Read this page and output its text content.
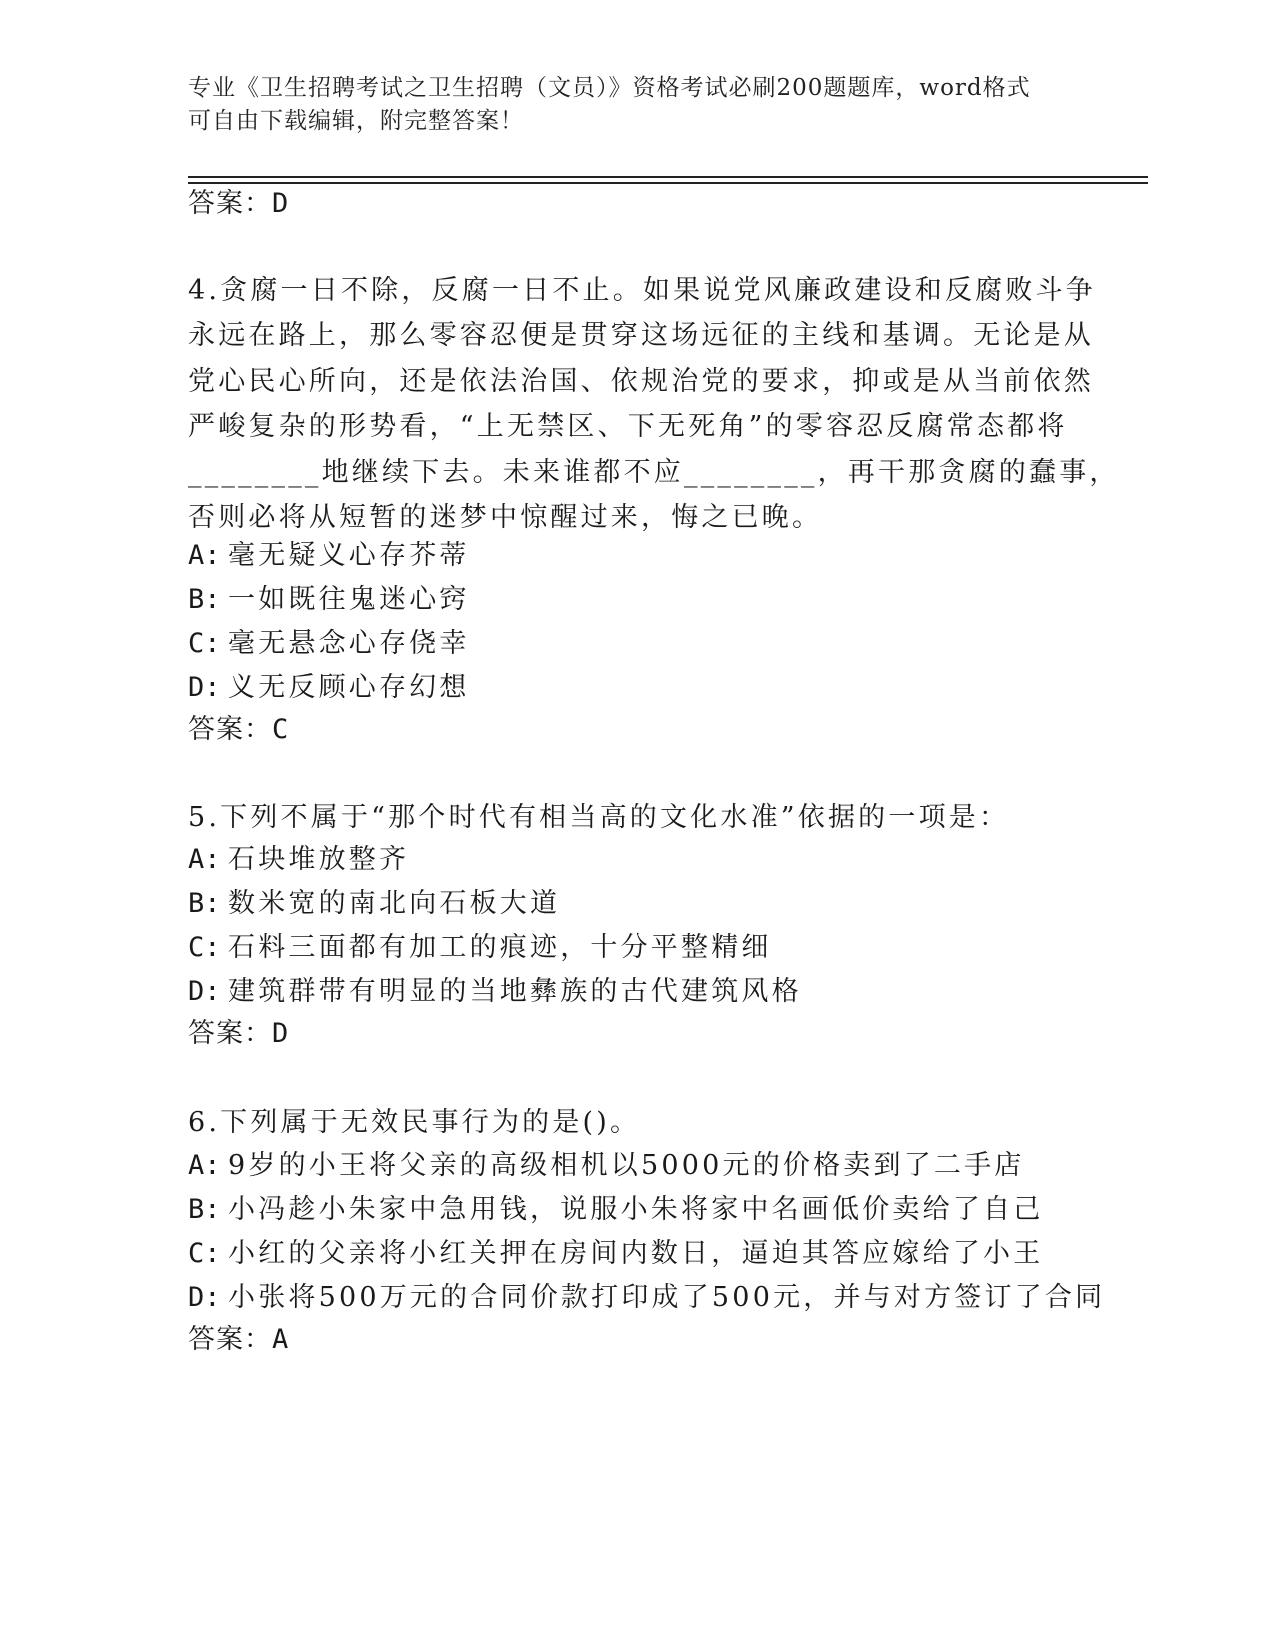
专业《卫生招聘考试之卫生招聘（文员）》资格考试必刷200题题库，word格式
可自由下载编辑，附完整答案！
答案：D
4.贪腐一日不除，反腐一日不止。如果说党风廉政建设和反腐败斗争
永远在路上，那么零容忍便是贯穿这场远征的主线和基调。无论是从
党心民心所向，还是依法治国、依规治党的要求，抑或是从当前依然
严峻复杂的形势看，“上无禁区、下无死角”的零容忍反腐常态都将
________地继续下去。未来谁都不应________，再干那贪腐的蠢事，
否则必将从短暂的迷梦中惊醒过来，悔之已晚。
A: 毫无疑义心存芥蒂
B: 一如既往鬼迷心窍
C: 毫无悬念心存侥幸
D: 义无反顾心存幻想
答案：C
5.下列不属于“那个时代有相当高的文化水准”依据的一项是：
A: 石块堆放整齐
B: 数米宽的南北向石板大道
C: 石料三面都有加工的痕迹，十分平整精细
D: 建筑群带有明显的当地彝族的古代建筑风格
答案：D
6.下列属于无效民事行为的是()。
A: 9岁的小王将父亲的高级相机以5000元的价格卖到了二手店
B: 小冯趁小朱家中急用钱，说服小朱将家中名画低价卖给了自己
C: 小红的父亲将小红关押在房间内数日，逼迫其答应嫁给了小王
D: 小张将500万元的合同价款打印成了500元，并与对方签订了合同
答案：A
